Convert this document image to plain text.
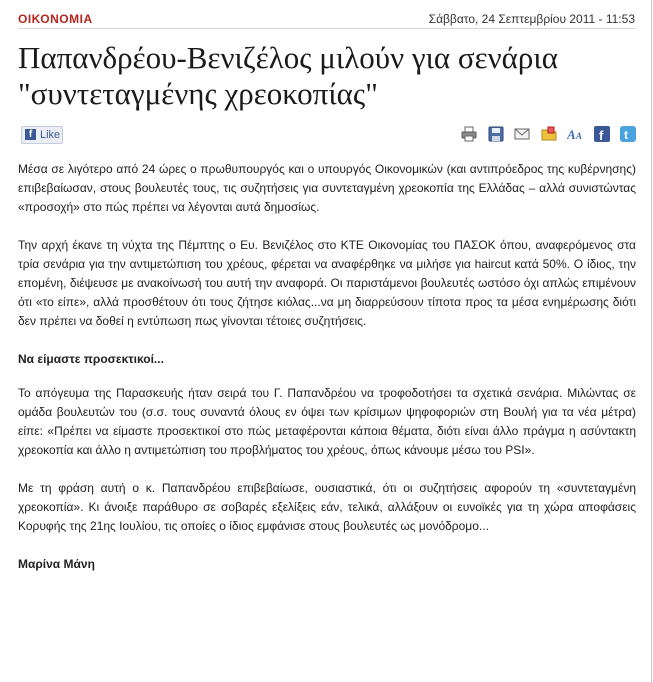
ΟΙΚΟΝΟΜΙΑ	Σάββατο, 24 Σεπτεμβρίου 2011 - 11:53
Παπανδρέου-Βενιζέλος μιλούν για σενάρια "συντεταγμένης χρεοκοπίας"
f Like
	A A
f
t

Μέσα σε λιγότερο από 24 ώρες ο πρωθυπουργός και ο υπουργός Οικονομικών (και αντιπρόεδρος της κυβέρνησης) επιβεβαίωσαν, στους βουλευτές τους, τις συζητήσεις για συντεταγμένη χρεοκοπία της Ελλάδας – αλλά συνιστώντας «προσοχή» στο πώς πρέπει να λέγονται αυτά δημοσίως.

Την αρχή έκανε τη νύχτα της Πέμπτης ο Ευ. Βενιζέλος στο ΚΤΕ Οικονομίας του ΠΑΣΟΚ όπου, αναφερόμενος στα τρία σενάρια για την αντιμετώπιση του χρέους, φέρεται να αναφέρθηκε να μιλήσε για haircut κατά 50%. Ο ίδιος, την επομένη, διέψευσε με ανακοίνωσή του αυτή την αναφορά. Οι παριστάμενοι βουλευτές ωστόσο όχι απλώς επιμένουν ότι «το είπε», αλλά προσθέτουν ότι τους ζήτησε κιόλας...να μη διαρρεύσουν τίποτα προς τα μέσα ενημέρωσης διότι δεν πρέπει να δοθεί η εντύπωση πως γίνονται τέτοιες συζητήσεις.

Να είμαστε προσεκτικοί...

Το απόγευμα της Παρασκευής ήταν σειρά του Γ. Παπανδρέου να τροφοδοτήσει τα σχετικά σενάρια. Μιλώντας σε ομάδα βουλευτών του (σ.σ. τους συναντά όλους εν όψει των κρίσιμων ψηφοφοριών στη Βουλή για τα νέα μέτρα) είπε: «Πρέπει να είμαστε προσεκτικοί στο πώς μεταφέρονται κάποια θέματα, διότι είναι άλλο πράγμα η ασύντακτη χρεοκοπία και άλλο η αντιμετώπιση του προβλήματος του χρέους, όπως κάνουμε μέσω του PSI».

Με τη φράση αυτή ο κ. Παπανδρέου επιβεβαίωσε, ουσιαστικά, ότι οι συζητήσεις αφορούν τη «συντεταγμένη χρεοκοπία». Κι άνοιξε παράθυρο σε σοβαρές εξελίξεις εάν, τελικά, αλλάξουν οι ευνοϊκές για τη χώρα αποφάσεις Κορυφής της 21ης Ιουλίου, τις οποίες ο ίδιος εμφάνισε στους βουλευτές ως μονόδρομο...

Μαρίνα Μάνη
